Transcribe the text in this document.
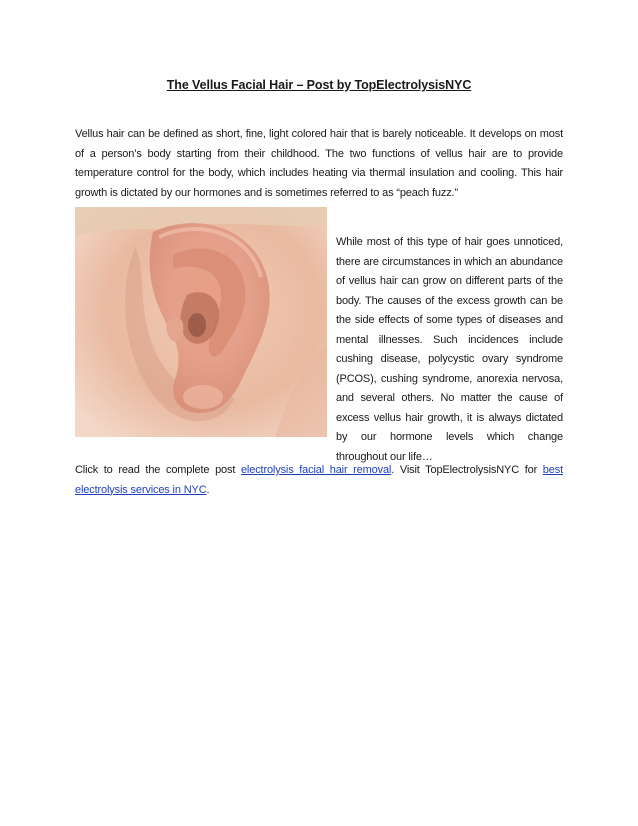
The Vellus Facial Hair – Post by TopElectrolysisNYC

Vellus hair can be defined as short, fine, light colored hair that is barely noticeable. It develops on most of a person’s body starting from their childhood. The two functions of vellus hair are to provide temperature control for the body, which includes heating via thermal insulation and cooling. This hair growth is dictated by our hormones and is sometimes referred to as “peach fuzz.”

While most of this type of hair goes unnoticed, there are circumstances in which an abundance of vellus hair can grow on different parts of the body. The causes of the excess growth can be the side effects of some types of diseases and mental illnesses. Such incidences include cushing disease, polycystic ovary syndrome (PCOS), cushing syndrome, anorexia nervosa, and several others. No matter the cause of excess vellus hair growth, it is always dictated by our hormone levels which change throughout our life…

Click to read the complete post electrolysis facial hair removal. Visit TopElectrolysisNYC for best electrolysis services in NYC.
